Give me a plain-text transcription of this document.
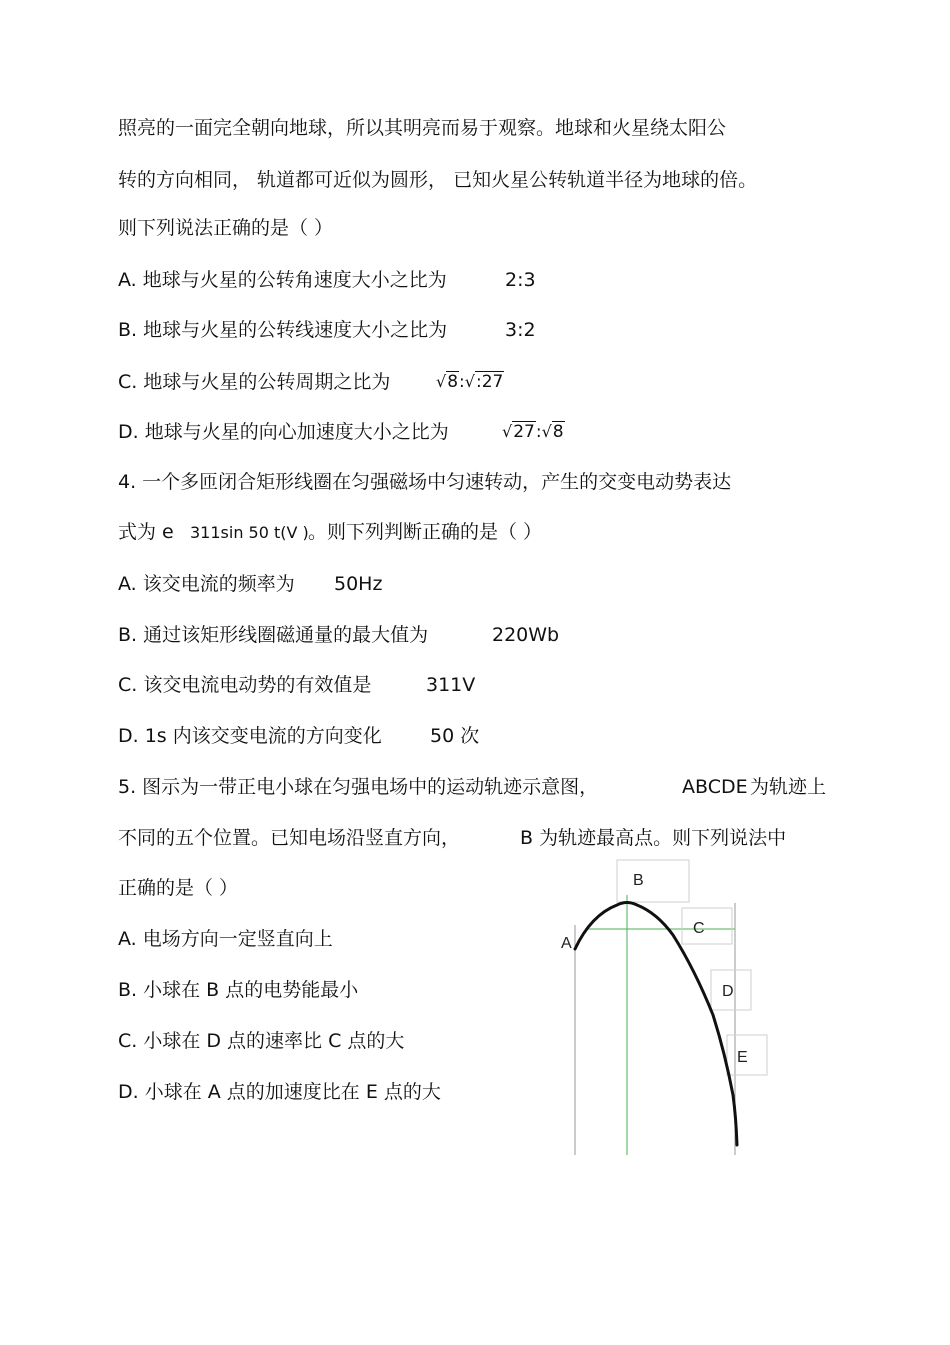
照亮的一面完全朝向地球，所以其明亮而易于观察。地球和火星绕太阳公
转的方向相同， 轨道都可近似为圆形， 已知火星公转轨道半径为地球的倍。
则下列说法正确的是（ ）
A. 地球与火星的公转角速度大小之比为	2:3
B. 地球与火星的公转线速度大小之比为	3:2
C. 地球与火星的公转周期之比为	√8:√:27
D. 地球与火星的向心加速度大小之比为	√27:√8
4. 一个多匝闭合矩形线圈在匀强磁场中匀速转动，产生的交变电动势表达
式为 e 311sin 50 t(V ) 。则下列判断正确的是（ ）
A. 该交电流的频率为 50Hz
B. 通过该矩形线圈磁通量的最大值为	220Wb
C. 该交电流电动势的有效值是	311V
D. 1s 内该交变电流的方向变化	50 次
5. 图示为一带正电小球在匀强电场中的运动轨迹示意图，	ABCDE 为轨迹上
不同的五个位置。已知电场沿竖直方向，	B 为轨迹最高点。则下列说法中
正确的是（ ）
A. 电场方向一定竖直向上
B. 小球在 B 点的电势能最小
C. 小球在 D 点的速率比 C 点的大
D. 小球在 A 点的加速度比在 E 点的大
A
B
C
D
E
